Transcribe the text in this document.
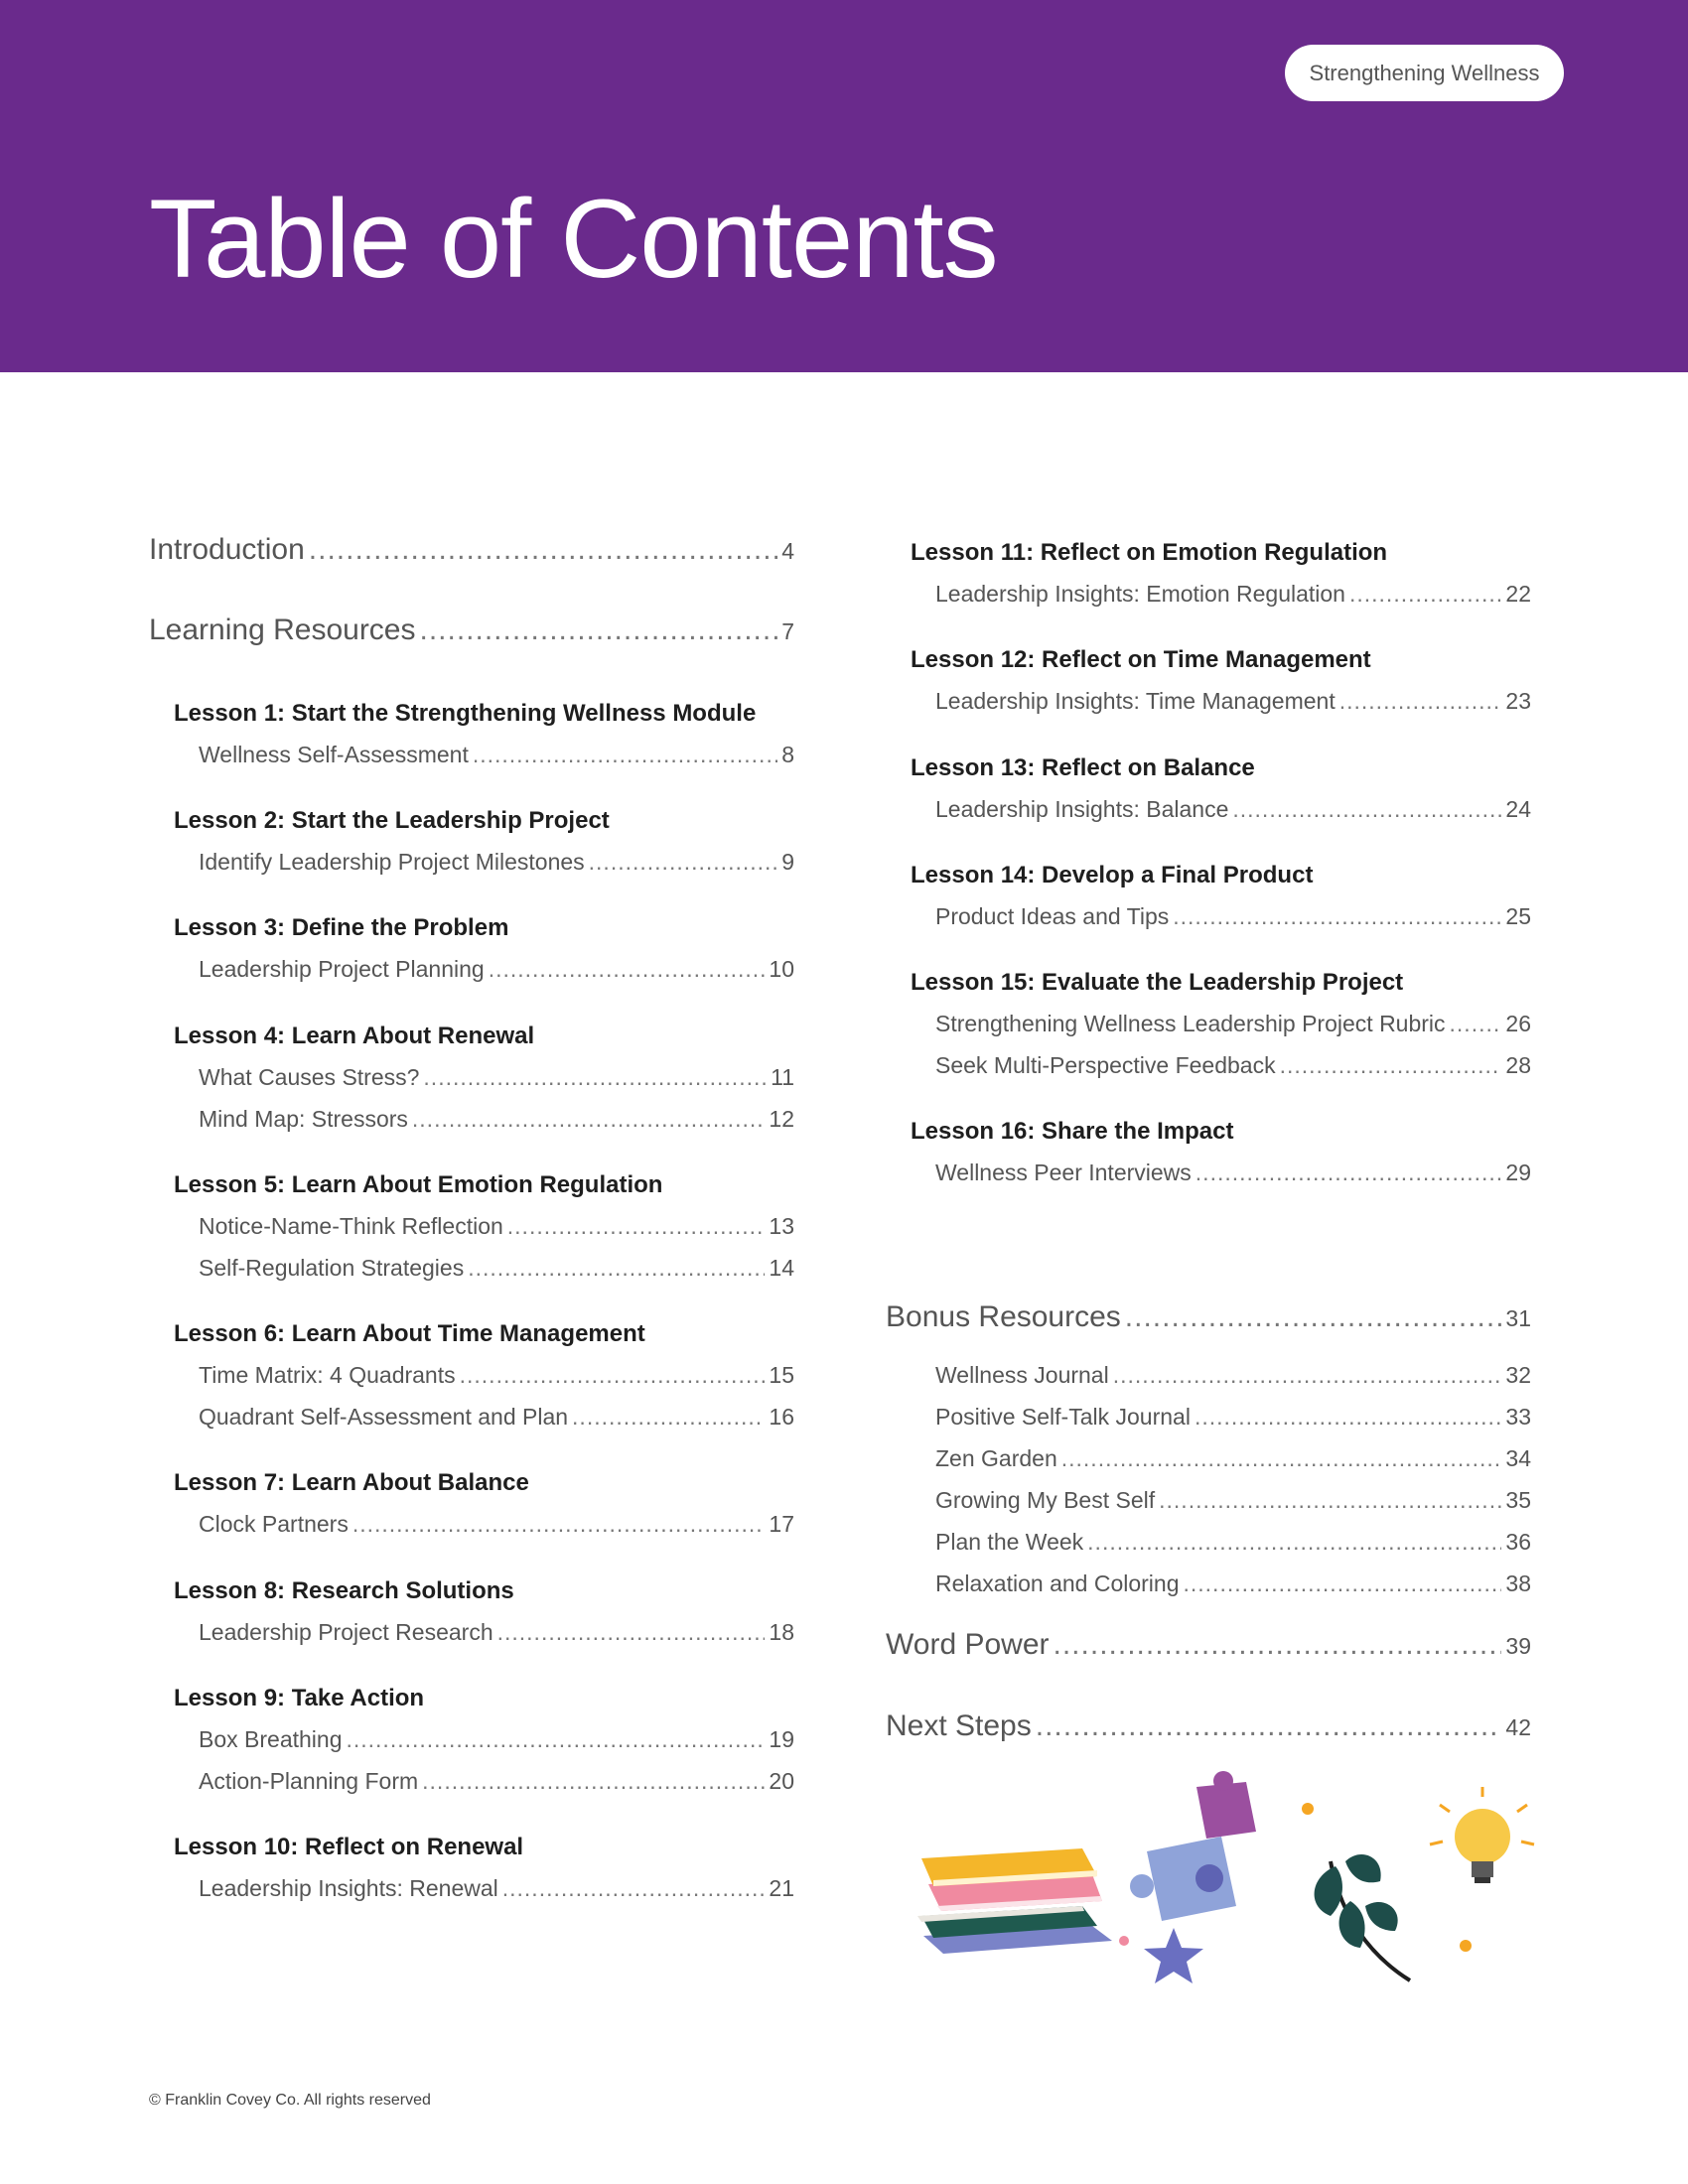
Strengthening Wellness
Table of Contents
Introduction .....	4
Learning Resources .....	7
Lesson 1: Start the Strengthening Wellness Module
Wellness Self-Assessment .....	8
Lesson 2: Start the Leadership Project
Identify Leadership Project Milestones .....	9
Lesson 3: Define the Problem
Leadership Project Planning .....	10
Lesson 4: Learn About Renewal
What Causes Stress? .....	11
Mind Map: Stressors .....	12
Lesson 5: Learn About Emotion Regulation
Notice-Name-Think Reflection .....	13
Self-Regulation Strategies .....	14
Lesson 6: Learn About Time Management
Time Matrix: 4 Quadrants .....	15
Quadrant Self-Assessment and Plan .....	16
Lesson 7: Learn About Balance
Clock Partners .....	17
Lesson 8: Research Solutions
Leadership Project Research .....	18
Lesson 9: Take Action
Box Breathing .....	19
Action-Planning Form .....	20
Lesson 10: Reflect on Renewal
Leadership Insights: Renewal .....	21
Lesson 11: Reflect on Emotion Regulation
Leadership Insights: Emotion Regulation .....	22
Lesson 12: Reflect on Time Management
Leadership Insights: Time Management .....	23
Lesson 13: Reflect on Balance
Leadership Insights: Balance .....	24
Lesson 14: Develop a Final Product
Product Ideas and Tips .....	25
Lesson 15: Evaluate the Leadership Project
Strengthening Wellness Leadership Project Rubric .....	26
Seek Multi-Perspective Feedback .....	28
Lesson 16: Share the Impact
Wellness Peer Interviews .....	29
Bonus Resources .....	31
Wellness Journal .....	32
Positive Self-Talk Journal .....	33
Zen Garden .....	34
Growing My Best Self .....	35
Plan the Week .....	36
Relaxation and Coloring .....	38
Word Power .....	39
Next Steps .....	42
© Franklin Covey Co. All rights reserved
